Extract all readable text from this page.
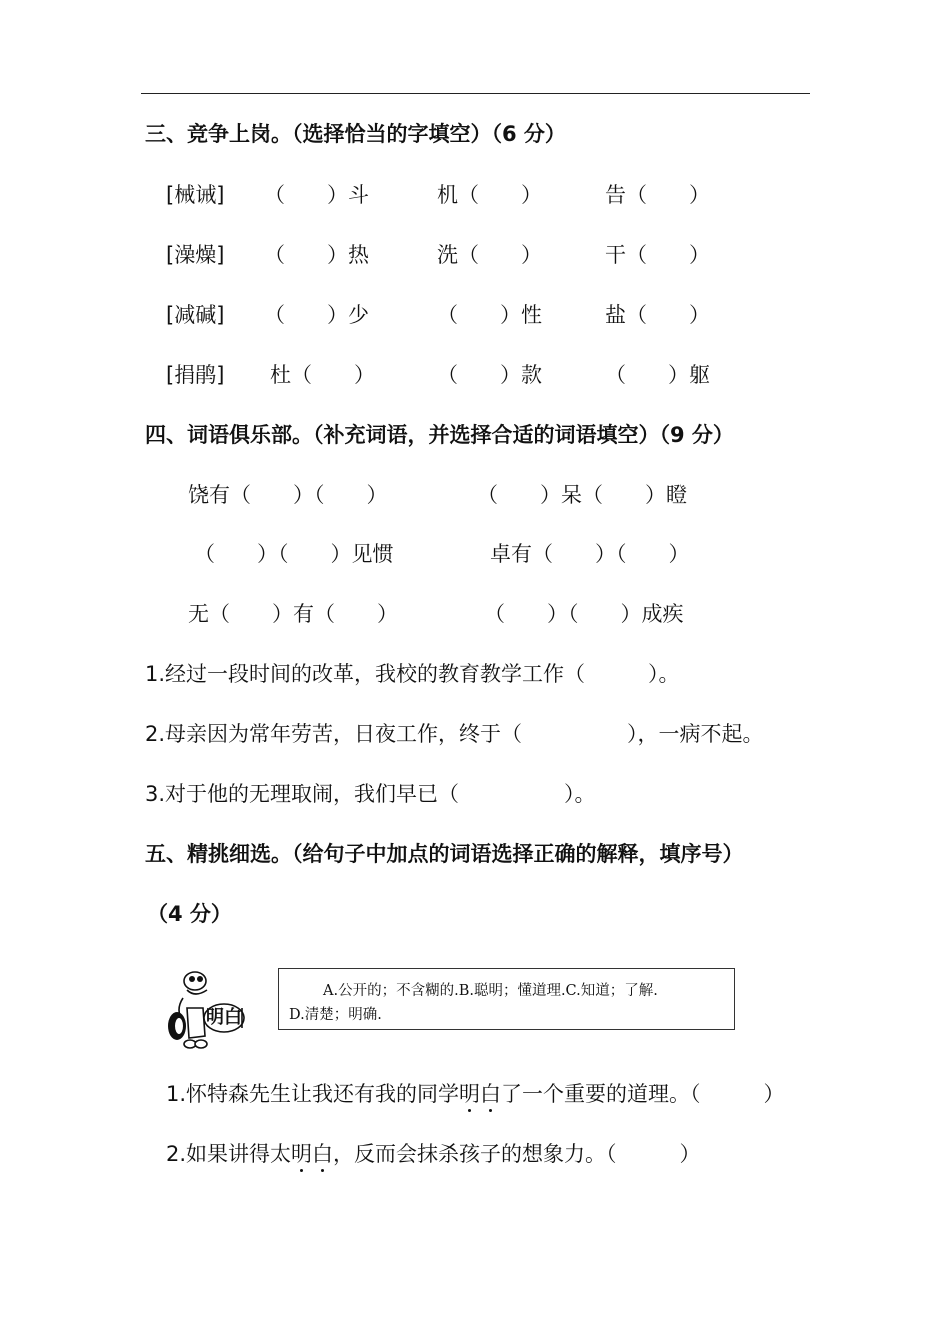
三、竞争上岗。（选择恰当的字填空）（6 分）
[械诫] （　　）斗	机（　　）	告（　　）
[澡燥] （　　）热	洗（　　）	干（　　）
[减碱] （　　）少	（　　）性	盐（　　）
[捐鹃] 杜（　　）	（　　）款	（　　）躯
四、词语俱乐部。（补充词语，并选择合适的词语填空）（9 分）
饶有（　　）（　　）	（　　）呆（　　）瞪
（　　）（　　）见惯	卓有（　　）（　　）
无（　　）有（　　）	（　　）（　　）成疾
1.经过一段时间的改革，我校的教育教学工作（　　　）。
2.母亲因为常年劳苦，日夜工作，终于（　　　　　），一病不起。
3.对于他的无理取闹，我们早已（　　　　　）。
五、精挑细选。（给句子中加点的词语选择正确的解释，填序号）
（4 分）
明白
A.公开的；不含糊的.B.聪明；懂道理.C.知道；了解.
D.清楚；明确.
1.怀特森先生让我还有我的同学明白了一个重要的道理。（　　　）
2.如果讲得太明白，反而会抹杀孩子的想象力。（　　　）
